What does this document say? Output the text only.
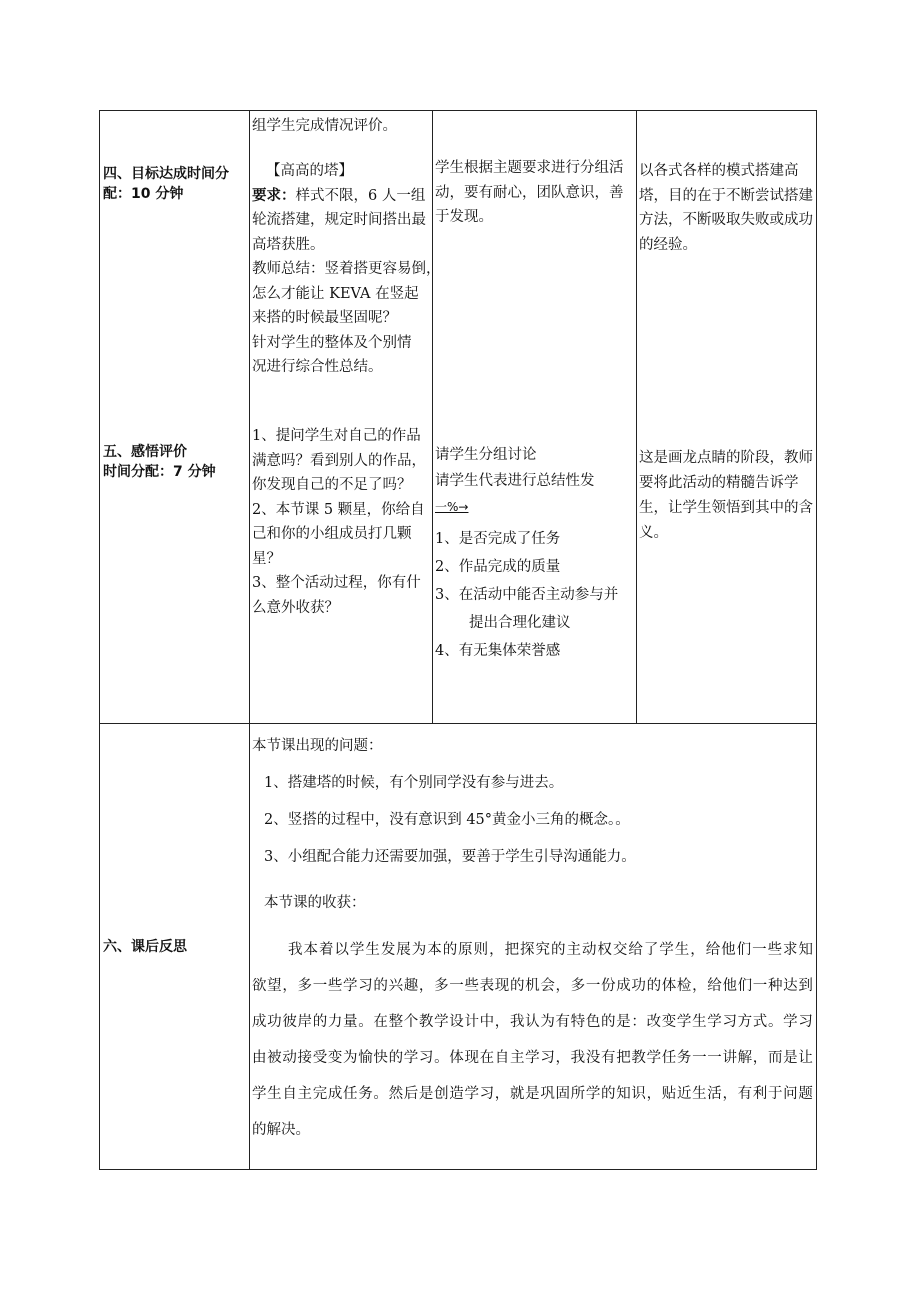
四、目标达成时间分
配：10 分钟
组学生完成情况评价。
【高高的塔】
要求：样式不限，6 人一组
轮流搭建，规定时间搭出最
高塔获胜。
教师总结：竖着搭更容易倒，
怎么才能让 KEVA 在竖起
来搭的时候最坚固呢？
针对学生的整体及个别情
况进行综合性总结。
学生根据主题要求进行分组活
动，要有耐心，团队意识，善
于发现。
以各式各样的模式搭建高
塔，目的在于不断尝试搭建
方法，不断吸取失败或成功
的经验。
五、感悟评价
时间分配：7 分钟
1、提问学生对自己的作品
满意吗？看到别人的作品，
你发现自己的不足了吗？
2、本节课 5 颗星，你给自
己和你的小组成员打几颗
星？
3、整个活动过程，你有什
么意外收获？
请学生分组讨论
请学生代表进行总结性发
一%→
1、是否完成了任务
2、作品完成的质量
3、在活动中能否主动参与并
提出合理化建议
4、有无集体荣誉感
这是画龙点睛的阶段，教师
要将此活动的精髓告诉学
生，让学生领悟到其中的含
义。
六、课后反思
本节课出现的问题：
1、搭建塔的时候，有个别同学没有参与进去。
2、竖搭的过程中，没有意识到 45°黄金小三角的概念。。
3、小组配合能力还需要加强，要善于学生引导沟通能力。
本节课的收获：
我本着以学生发展为本的原则，把探究的主动权交给了学生，给他们一些求知
欲望，多一些学习的兴趣，多一些表现的机会，多一份成功的体检，给他们一种达到
成功彼岸的力量。在整个教学设计中，我认为有特色的是：改变学生学习方式。学习
由被动接受变为愉快的学习。体现在自主学习，我没有把教学任务一一讲解，而是让
学生自主完成任务。然后是创造学习，就是巩固所学的知识，贴近生活，有利于问题
的解决。
